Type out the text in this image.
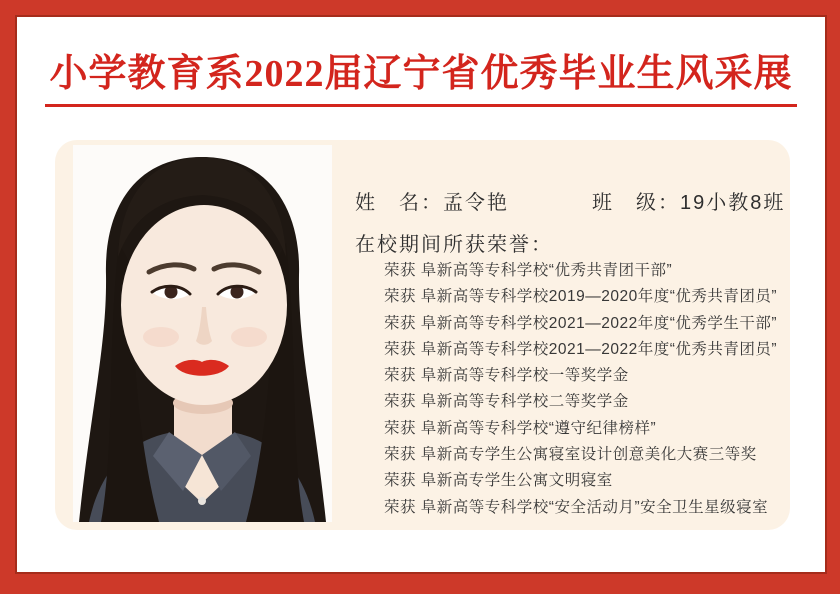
小学教育系2022届辽宁省优秀毕业生风采展
姓　名：孟令艳	班　级：19小教8班
在校期间所获荣誉：
荣获 阜新高等专科学校“优秀共青团干部”
荣获 阜新高等专科学校2019—2020年度“优秀共青团员”
荣获 阜新高等专科学校2021—2022年度“优秀学生干部”
荣获 阜新高等专科学校2021—2022年度“优秀共青团员”
荣获 阜新高等专科学校一等奖学金
荣获 阜新高等专科学校二等奖学金
荣获 阜新高等专科学校“遵守纪律榜样”
荣获 阜新高专学生公寓寝室设计创意美化大赛三等奖
荣获 阜新高专学生公寓文明寝室
荣获 阜新高等专科学校“安全活动月”安全卫生星级寝室
